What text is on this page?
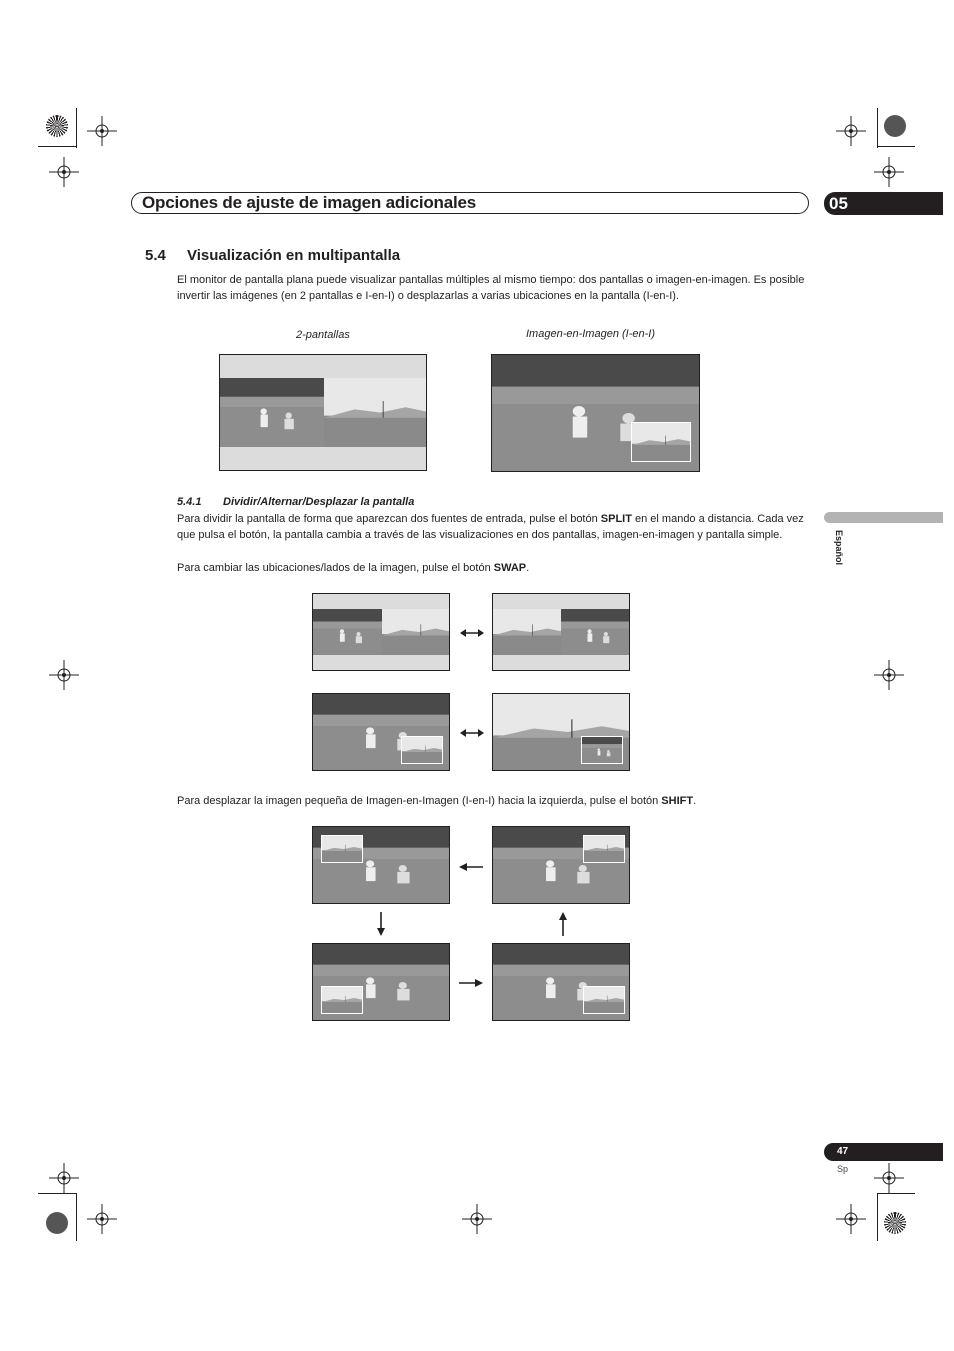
Opciones de ajuste de imagen adicionales	05
Español
5.4 Visualización en multipantalla
El monitor de pantalla plana puede visualizar pantallas múltiples al mismo tiempo: dos pantallas o imagen-en-imagen. Es posible invertir las imágenes (en 2 pantallas e I-en-I) o desplazarlas a varias ubicaciones en la pantalla (I-en-I).
2-pantallas	Imagen-en-Imagen (I-en-I)
5.4.1 Dividir/Alternar/Desplazar la pantalla
Para dividir la pantalla de forma que aparezcan dos fuentes de entrada, pulse el botón SPLIT en el mando a distancia. Cada vez que pulsa el botón, la pantalla cambia a través de las visualizaciones en dos pantallas, imagen-en-imagen y pantalla simple.
Para cambiar las ubicaciones/lados de la imagen, pulse el botón SWAP.
Para desplazar la imagen pequeña de Imagen-en-Imagen (I-en-I) hacia la izquierda, pulse el botón SHIFT.
47
Sp
